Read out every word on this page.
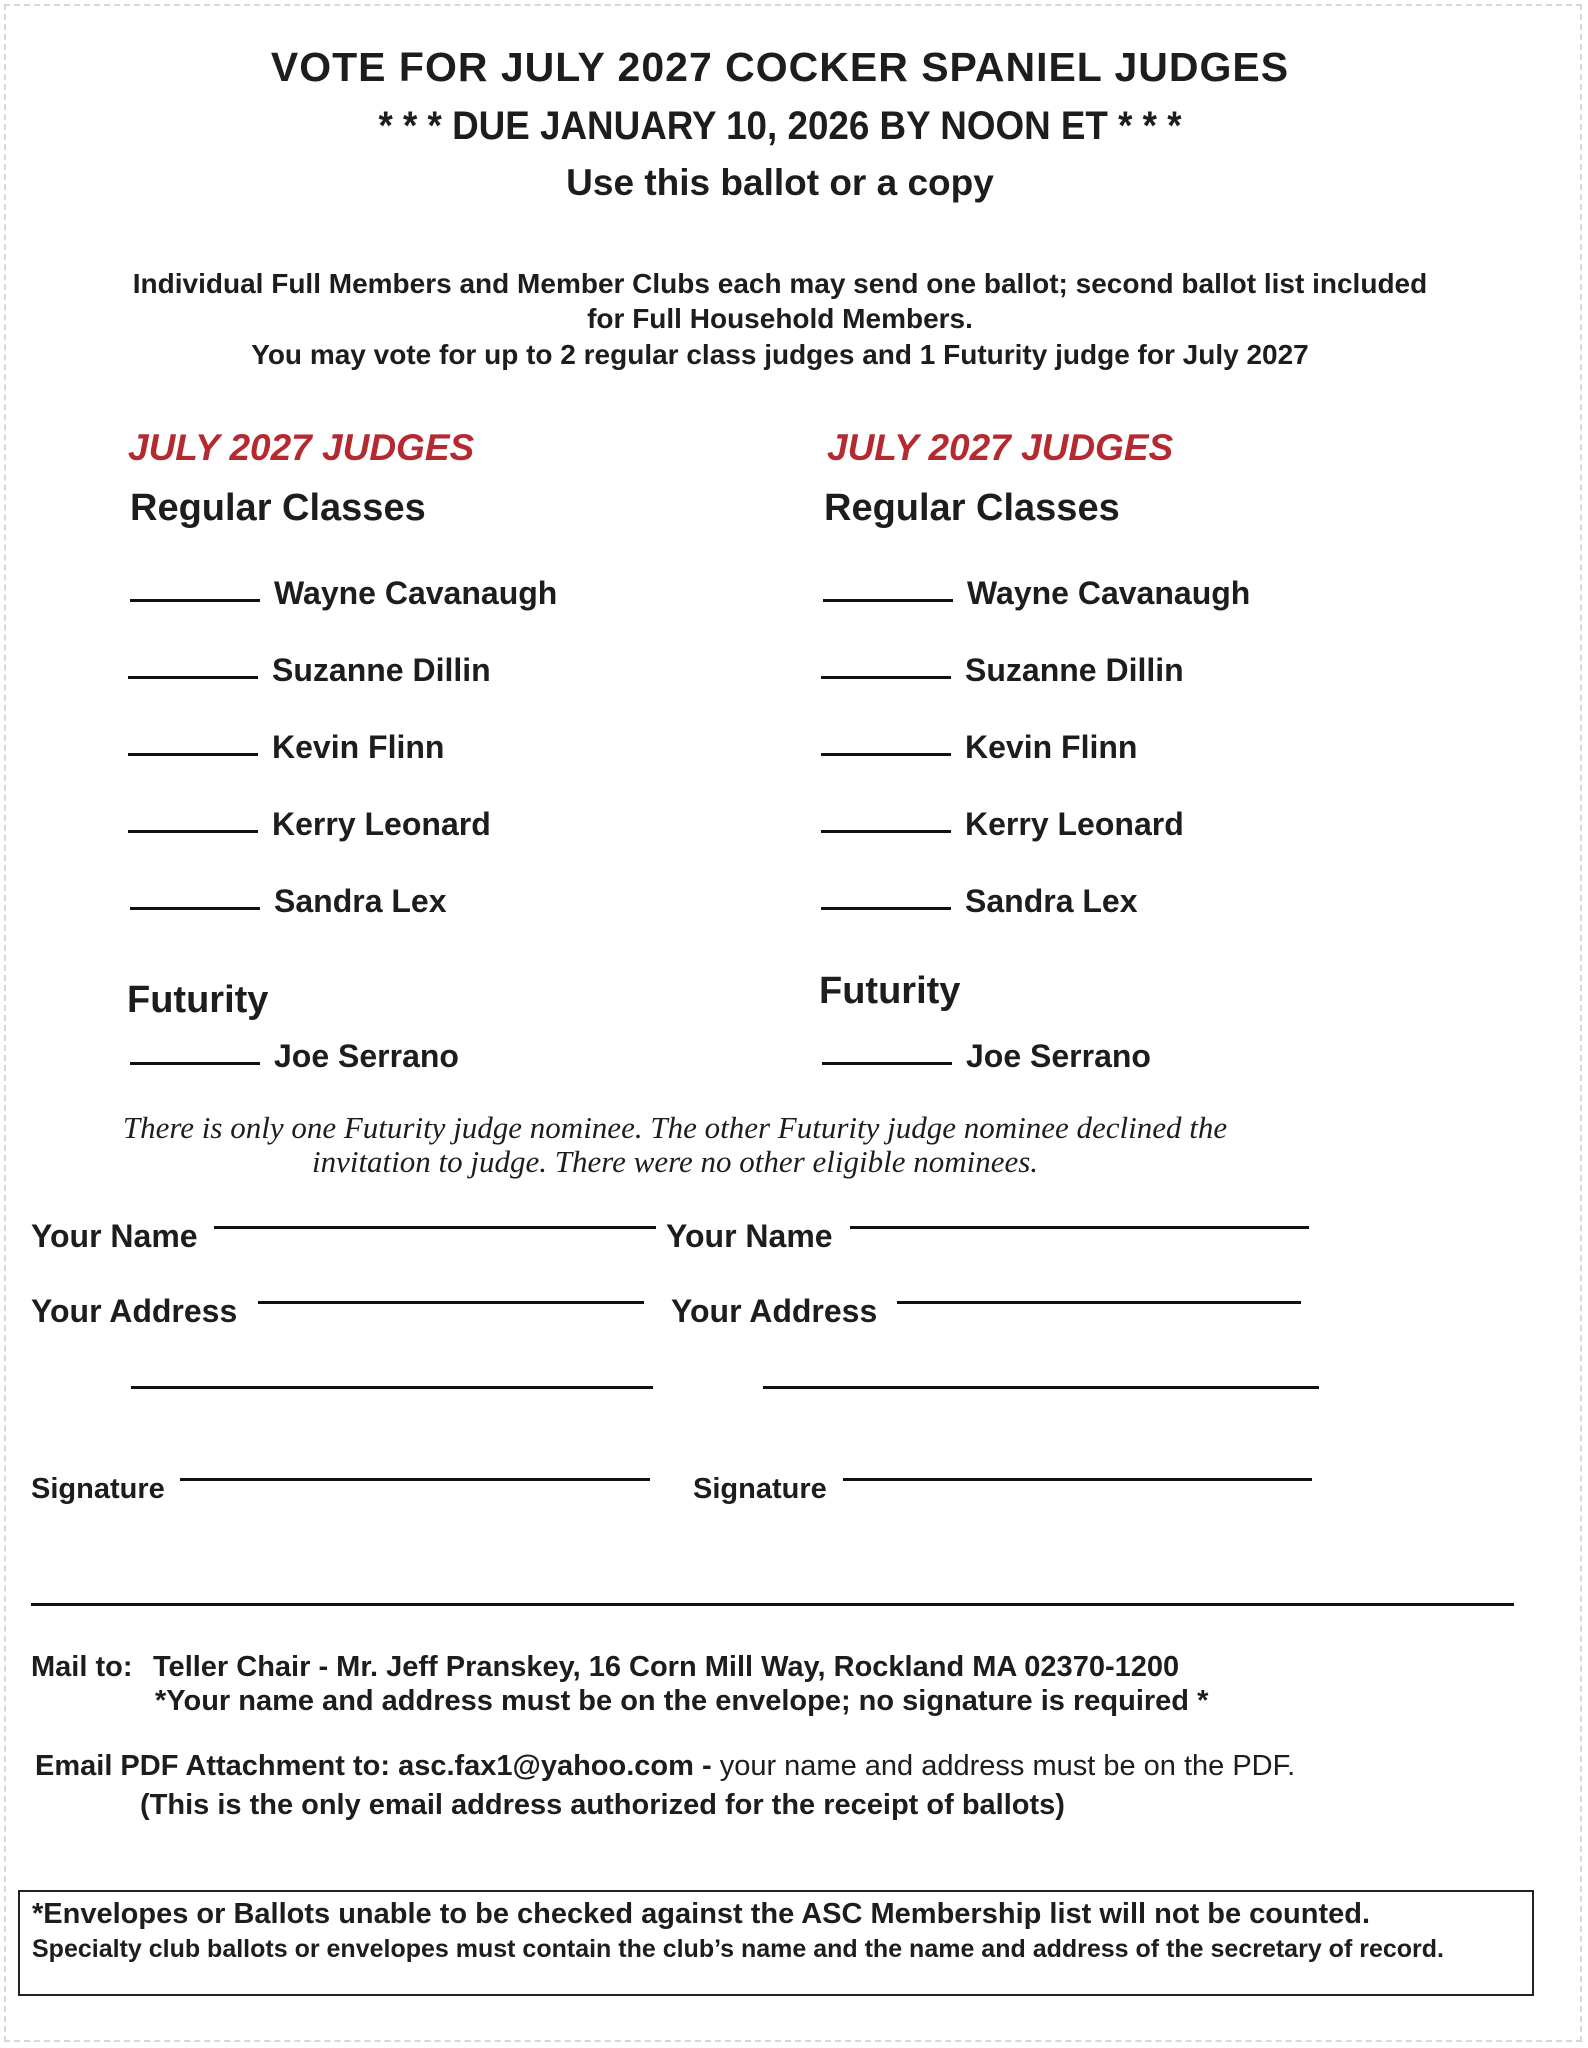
VOTE FOR JULY 2027 COCKER SPANIEL JUDGES
* * * DUE JANUARY 10, 2026 BY NOON ET * * *
Use this ballot or a copy
Individual Full Members and Member Clubs each may send one ballot; second ballot list included
for Full Household Members.
You may vote for up to 2 regular class judges and 1 Futurity judge for July 2027
JULY 2027 JUDGES
Regular Classes
Wayne Cavanaugh
Suzanne Dillin
Kevin Flinn
Kerry Leonard
Sandra Lex
Futurity
Joe Serrano
JULY 2027 JUDGES
Regular Classes
Wayne Cavanaugh
Suzanne Dillin
Kevin Flinn
Kerry Leonard
Sandra Lex
Futurity
Joe Serrano
There is only one Futurity judge nominee. The other Futurity judge nominee declined the invitation to judge. There were no other eligible nominees.
Your Name	Your Name
Your Address	Your Address
Signature	Signature
Mail to: Teller Chair - Mr. Jeff Pranskey, 16 Corn Mill Way, Rockland MA 02370-1200
*Your name and address must be on the envelope; no signature is required *
Email PDF Attachment to: asc.fax1@yahoo.com - your name and address must be on the PDF.
(This is the only email address authorized for the receipt of ballots)
*Envelopes or Ballots unable to be checked against the ASC Membership list will not be counted.
Specialty club ballots or envelopes must contain the club’s name and the name and address of the secretary of record.
